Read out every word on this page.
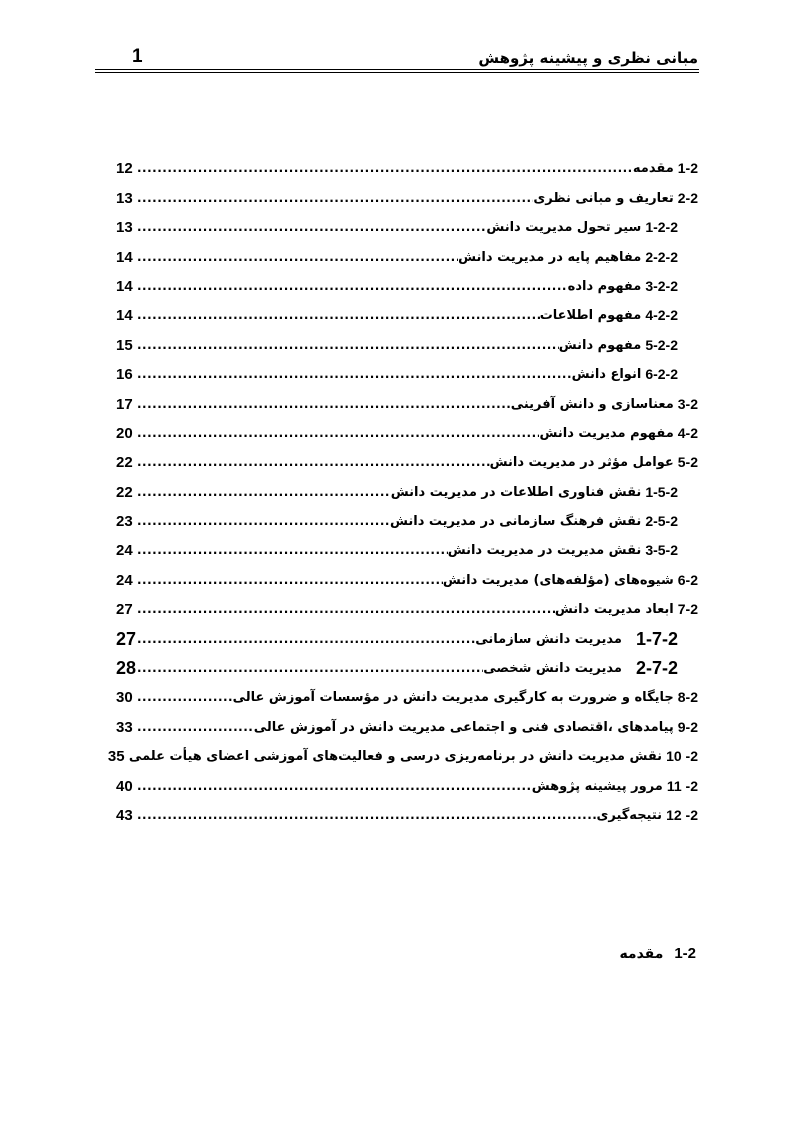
مبانی نظری و پیشینه پژوهش
1
1-2
مقدمه
.....
12
2-2
تعاریف و مبانی نظری
.....
13
1-2-2
سیر تحول مدیریت دانش
.....
13
2-2-2
مفاهیم پایه در مدیریت دانش
.....
14
3-2-2
مفهوم داده
.....
14
4-2-2
مفهوم اطلاعات
.....
14
5-2-2
مفهوم دانش
.....
15
6-2-2
انواع دانش
.....
16
3-2
معناسازی و دانش آفرینی
.....
17
4-2
مفهوم مدیریت دانش
.....
20
5-2
عوامل مؤثر در مدیریت دانش
.....
22
1-5-2
نقش فناوری اطلاعات در مدیریت دانش
.....
22
2-5-2
نقش فرهنگ سازمانی در مدیریت دانش
.....
23
3-5-2
نقش مدیریت در مدیریت دانش
.....
24
6-2
شیوه‌های (مؤلفه‌های) مدیریت دانش
.....
24
7-2
ابعاد مدیریت دانش
.....
27
1-7-2
مدیریت دانش سازمانی
.....
27
2-7-2
مدیریت دانش شخصی
.....
28
8-2
جایگاه و ضرورت به کارگیری مدیریت دانش در مؤسسات آموزش عالی
.....
30
9-2
پیامدهای ،اقتصادی فنی و اجتماعی مدیریت دانش در آموزش عالی
.....
33
2- 10
نقش مدیریت دانش در برنامه‌ریزی درسی و فعالیت‌های آموزشی اعضای هیأت علمی
35
2- 11
مرور پیشینه پژوهش
.....
40
2- 12
نتیجه‌گیری
.....
43
1-2 مقدمه
